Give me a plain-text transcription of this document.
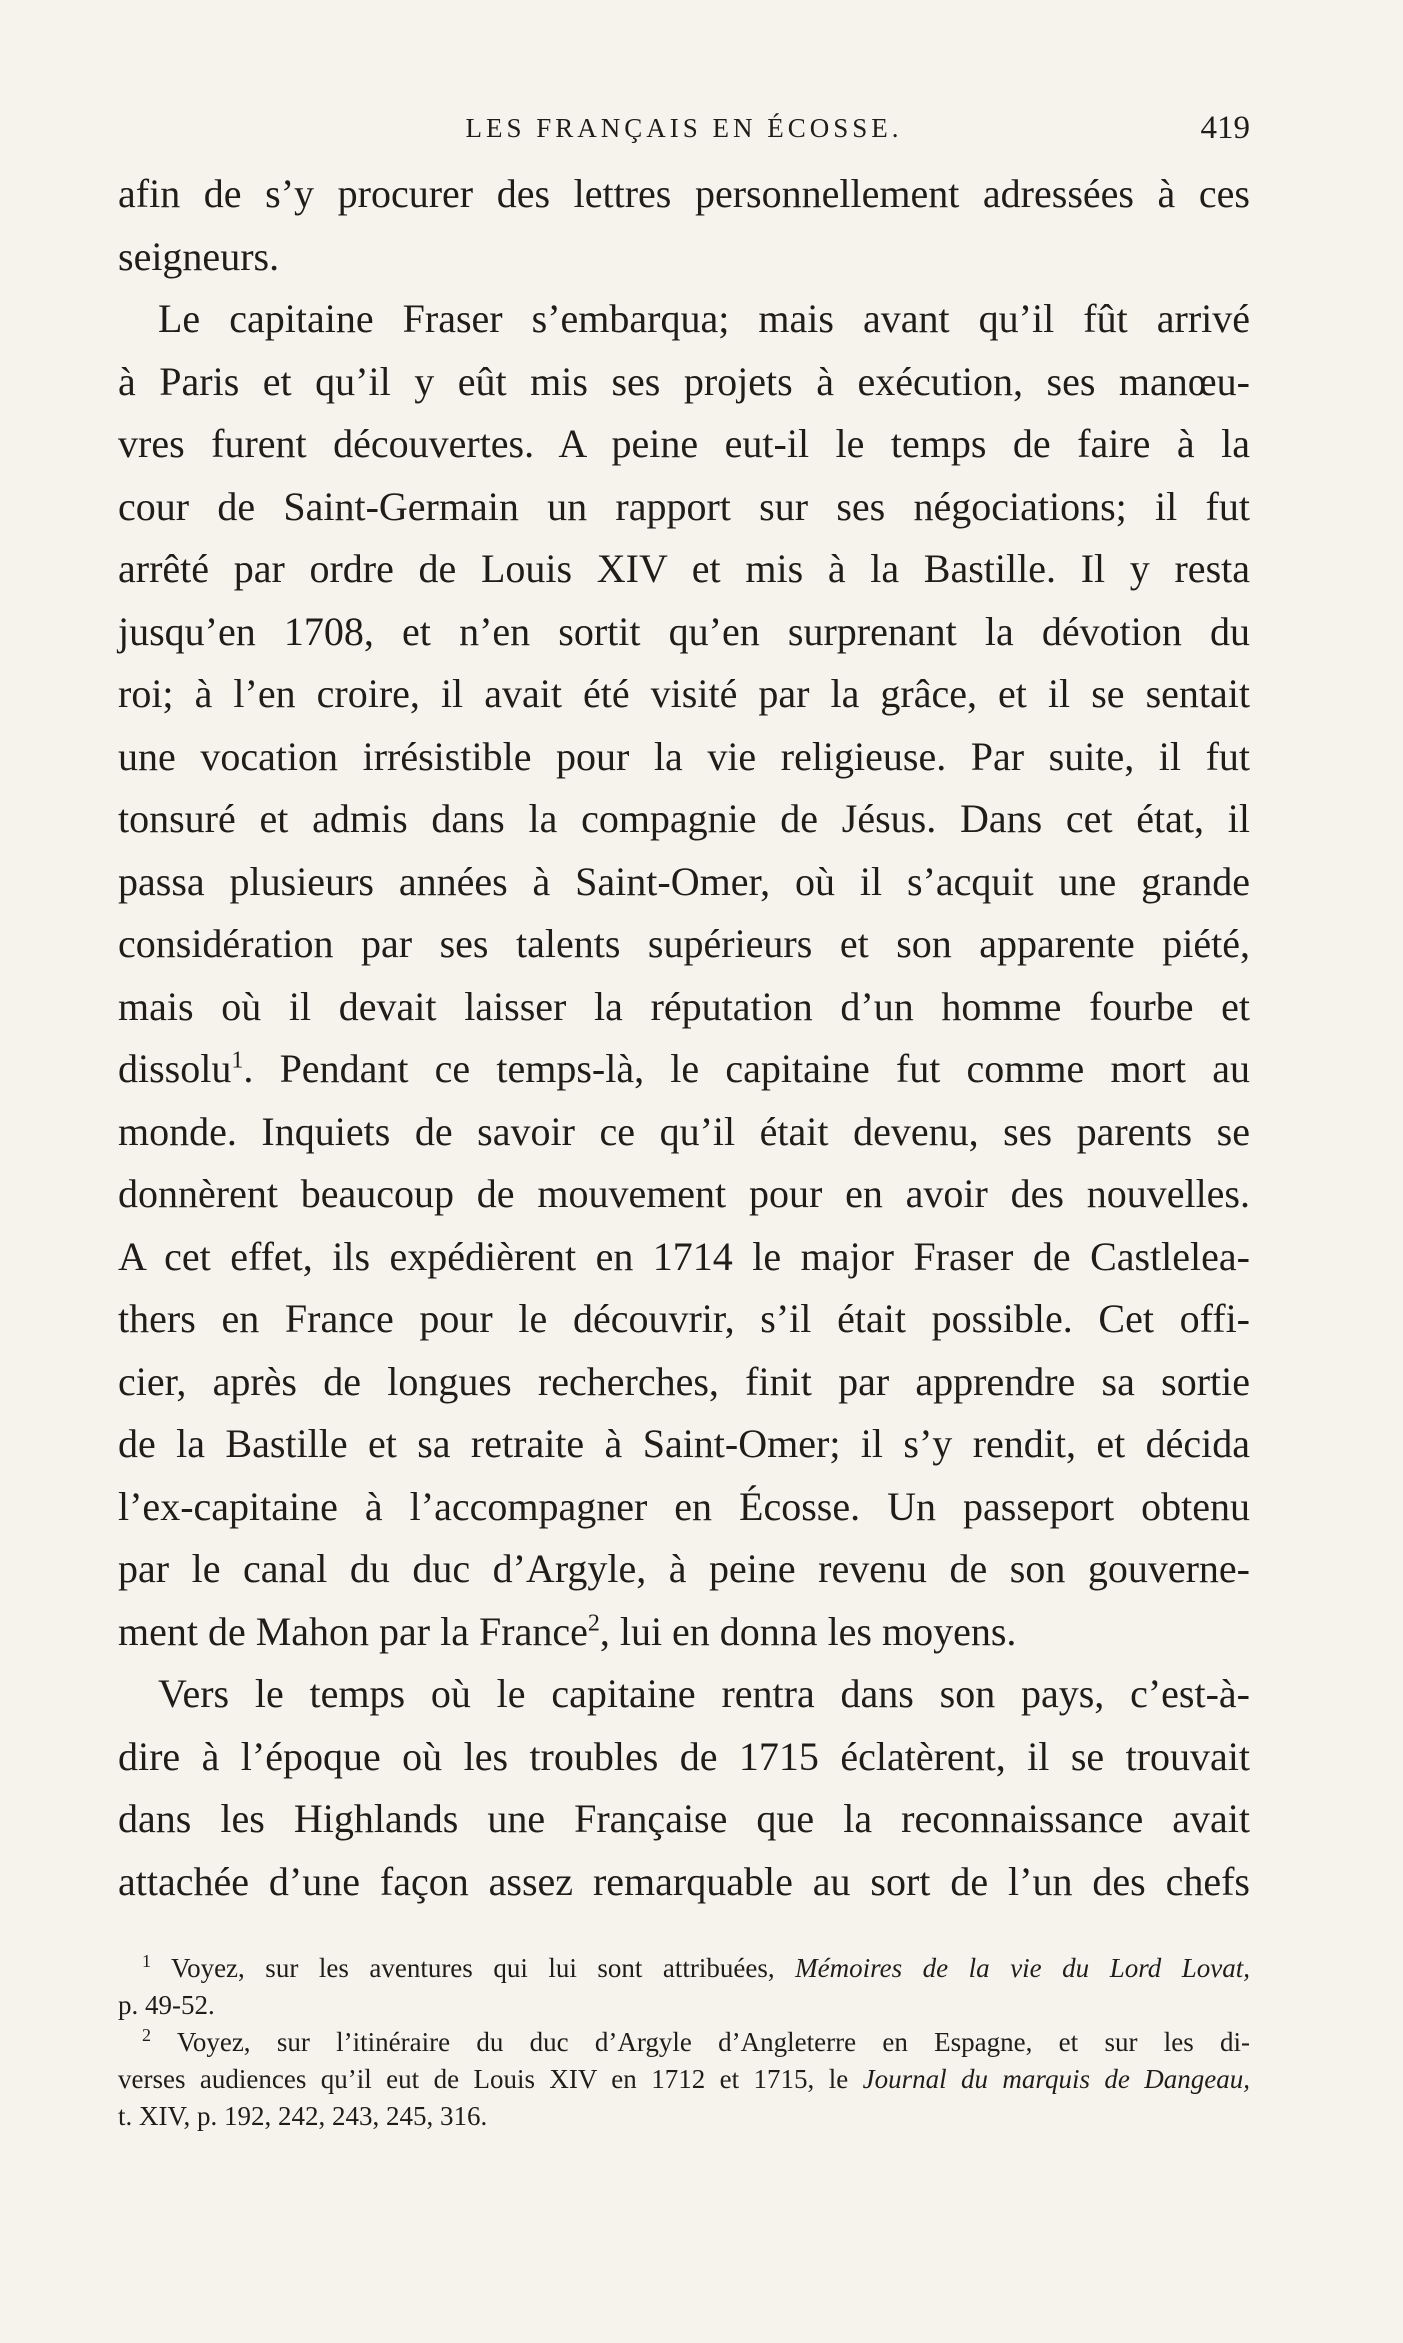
LES FRANÇAIS EN ÉCOSSE.	419
afin de s’y procurer des lettres personnellement adressées à ces
seigneurs.
Le capitaine Fraser s’embarqua; mais avant qu’il fût arrivé
à Paris et qu’il y eût mis ses projets à exécution, ses manœu-
vres furent découvertes. A peine eut-il le temps de faire à la
cour de Saint-Germain un rapport sur ses négociations; il fut
arrêté par ordre de Louis XIV et mis à la Bastille. Il y resta
jusqu’en 1708, et n’en sortit qu’en surprenant la dévotion du
roi; à l’en croire, il avait été visité par la grâce, et il se sentait
une vocation irrésistible pour la vie religieuse. Par suite, il fut
tonsuré et admis dans la compagnie de Jésus. Dans cet état, il
passa plusieurs années à Saint-Omer, où il s’acquit une grande
considération par ses talents supérieurs et son apparente piété,
mais où il devait laisser la réputation d’un homme fourbe et
dissolu$^1$. Pendant ce temps-là, le capitaine fut comme mort au
monde. Inquiets de savoir ce qu’il était devenu, ses parents se
donnèrent beaucoup de mouvement pour en avoir des nouvelles.
A cet effet, ils expédièrent en 1714 le major Fraser de Castlelea-
thers en France pour le découvrir, s’il était possible. Cet offi-
cier, après de longues recherches, finit par apprendre sa sortie
de la Bastille et sa retraite à Saint-Omer; il s’y rendit, et décida
l’ex-capitaine à l’accompagner en Écosse. Un passeport obtenu
par le canal du duc d’Argyle, à peine revenu de son gouverne-
ment de Mahon par la France$^2$, lui en donna les moyens.
Vers le temps où le capitaine rentra dans son pays, c’est-à-
dire à l’époque où les troubles de 1715 éclatèrent, il se trouvait
dans les Highlands une Française que la reconnaissance avait
attachée d’une façon assez remarquable au sort de l’un des chefs
$^1$ Voyez, sur les aventures qui lui sont attribuées, Mémoires de la vie du Lord Lovat,
p. 49-52.
$^2$ Voyez, sur l’itinéraire du duc d’Argyle d’Angleterre en Espagne, et sur les di-
verses audiences qu’il eut de Louis XIV en 1712 et 1715, le Journal du marquis de Dangeau,
t. XIV, p. 192, 242, 243, 245, 316.
